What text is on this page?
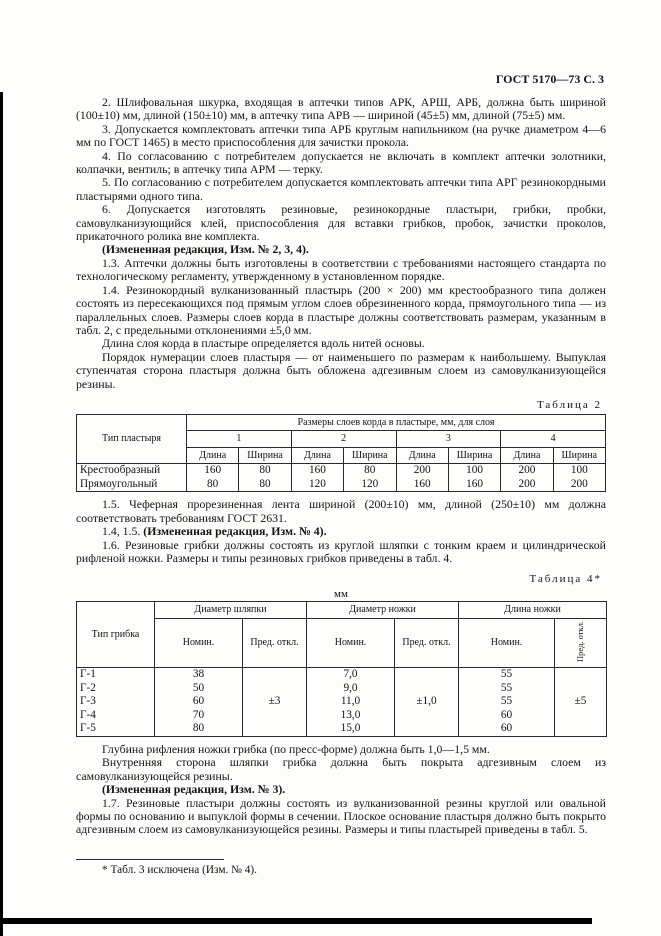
ГОСТ 5170—73 С. 3

2. Шлифовальная шкурка, входящая в аптечки типов АРК, АРШ, АРБ, должна быть шириной (100±10) мм, длиной (150±10) мм, в аптечку типа АРВ — шириной (45±5) мм, длиной (75±5) мм.

3. Допускается комплектовать аптечки типа АРБ круглым напильником (на ручке диаметром 4—6 мм по ГОСТ 1465) в место приспособления для зачистки прокола.

4. По согласованию с потребителем допускается не включать в комплект аптечки золотники, колпачки, вентиль; в аптечку типа АРМ — терку.

5. По согласованию с потребителем допускается комплектовать аптечки типа АРГ резинокордными пластырями одного типа.

6. Допускается изготовлять резиновые, резинокордные пластыри, грибки, пробки, самовулканизующийся клей, приспособления для вставки грибков, пробок, зачистки проколов, прикаточного ролика вне комплекта.

(Измененная редакция, Изм. № 2, 3, 4).

1.3. Аптечки должны быть изготовлены в соответствии с требованиями настоящего стандарта по технологическому регламенту, утвержденному в установленном порядке.

1.4. Резинокордный вулканизованный пластырь (200 × 200) мм крестообразного типа должен состоять из пересекающихся под прямым углом слоев обрезиненного корда, прямоугольного типа — из параллельных слоев. Размеры слоев корда в пластыре должны соответствовать размерам, указанным в табл. 2, с предельными отклонениями ±5,0 мм.

Длина слоя корда в пластыре определяется вдоль нитей основы.

Порядок нумерации слоев пластыря — от наименьшего по размерам к наибольшему. Выпуклая ступенчатая сторона пластыря должна быть обложена адгезивным слоем из самовулканизующейся резины.

Таблица 2
Тип пластыря	Размеры слоев корда в пластыре, мм, для слоя							
	1		2		3		4	
	Длина	Ширина	Длина	Ширина	Длина	Ширина	Длина	Ширина
Крестообразный	160	80	160	80	200	100	200	100
Прямоугольный	80	80	120	120	160	160	200	200

1.5. Чеферная прорезиненная лента шириной (200±10) мм, длиной (250±10) мм должна соответствовать требованиям ГОСТ 2631.

1.4, 1.5. (Измененная редакция, Изм. № 4).

1.6. Резиновые грибки должны состоять из круглой шляпки с тонким краем и цилиндрической рифленой ножки. Размеры и типы резиновых грибков приведены в табл. 4.

Таблица 4*
мм
Тип грибка	Диаметр шляпки		Диаметр ножки		Длина ножки	
	Номин.	Пред. откл.	Номин.	Пред. откл.	Номин.	Пред. откл.
Г-1	38	±3	7,0	±1,0	55	±5
Г-2	50		9,0		55	
Г-3	60		11,0		55	
Г-4	70		13,0		60	
Г-5	80		15,0		60	

Глубина рифления ножки грибка (по пресс-форме) должна быть 1,0—1,5 мм.

Внутренняя сторона шляпки грибка должна быть покрыта адгезивным слоем из самовулканизующейся резины.

(Измененная редакция, Изм. № 3).

1.7. Резиновые пластыри должны состоять из вулканизованной резины круглой или овальной формы по основанию и выпуклой формы в сечении. Плоское основание пластыря должно быть покрыто адгезивным слоем из самовулканизующейся резины. Размеры и типы пластырей приведены в табл. 5.

* Табл. 3 исключена (Изм. № 4).
